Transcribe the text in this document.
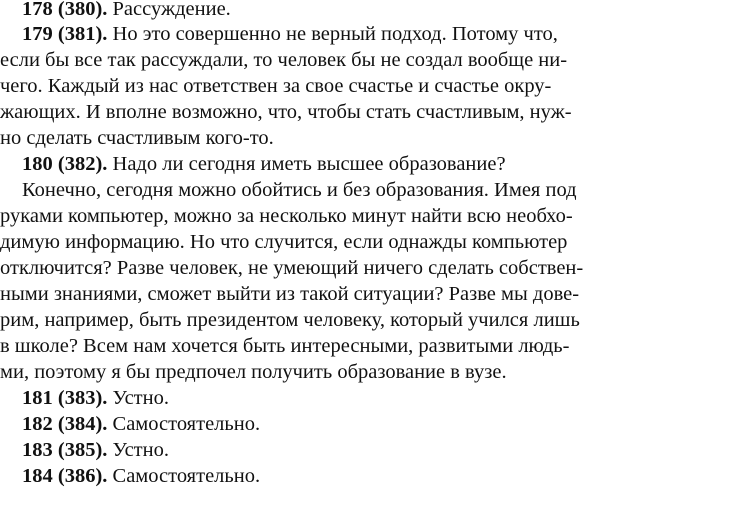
178 (380). Рассуждение.
179 (381). Но это совершенно не верный подход. Потому что,
если бы все так рассуждали, то человек бы не создал вообще ни-
чего. Каждый из нас ответствен за свое счастье и счастье окру-
жающих. И вполне возможно, что, чтобы стать счастливым, нуж-
но сделать счастливым кого-то.
180 (382). Надо ли сегодня иметь высшее образование?
Конечно, сегодня можно обойтись и без образования. Имея под
руками компьютер, можно за несколько минут найти всю необхо-
димую информацию. Но что случится, если однажды компьютер
отключится? Разве человек, не умеющий ничего сделать собствен-
ными знаниями, сможет выйти из такой ситуации? Разве мы дове-
рим, например, быть президентом человеку, который учился лишь
в школе? Всем нам хочется быть интересными, развитыми людь-
ми, поэтому я бы предпочел получить образование в вузе.
181 (383). Устно.
182 (384). Самостоятельно.
183 (385). Устно.
184 (386). Самостоятельно.
